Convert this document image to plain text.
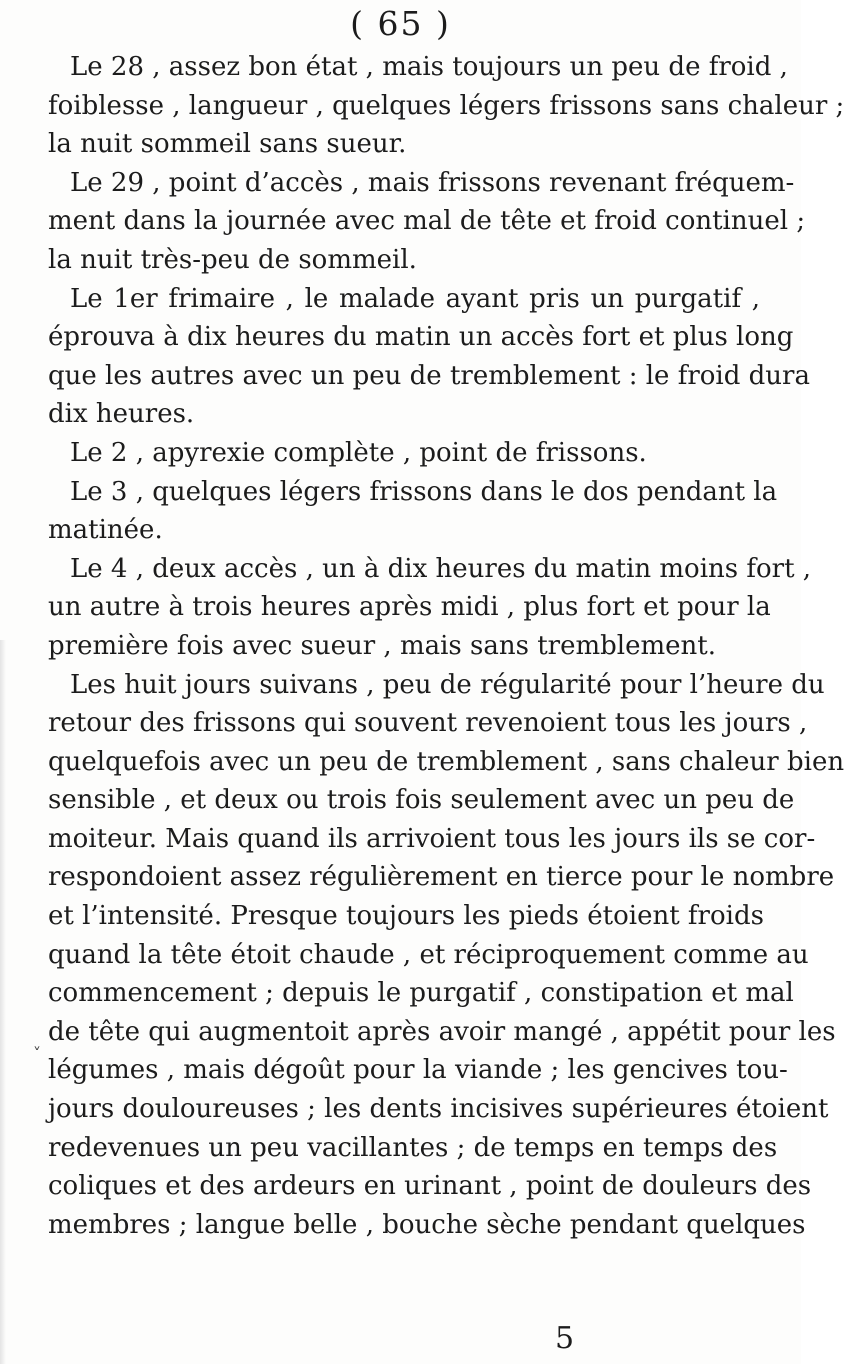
( 65 )
Le 28 , assez bon état , mais toujours un peu de froid ,
foiblesse , langueur , quelques légers frissons sans chaleur ;
la nuit sommeil sans sueur.
Le 29 , point d’accès , mais frissons revenant fréquem-
ment dans la journée avec mal de tête et froid continuel ;
la nuit très-peu de sommeil.
Le 1er frimaire , le malade ayant pris un purgatif ,
éprouva à dix heures du matin un accès fort et plus long
que les autres avec un peu de tremblement : le froid dura
dix heures.
Le 2 , apyrexie complète , point de frissons.
Le 3 , quelques légers frissons dans le dos pendant la
matinée.
Le 4 , deux accès , un à dix heures du matin moins fort ,
un autre à trois heures après midi , plus fort et pour la
première fois avec sueur , mais sans tremblement.
Les huit jours suivans , peu de régularité pour l’heure du
retour des frissons qui souvent revenoient tous les jours ,
quelquefois avec un peu de tremblement , sans chaleur bien
sensible , et deux ou trois fois seulement avec un peu de
moiteur. Mais quand ils arrivoient tous les jours ils se cor-
respondoient assez régulièrement en tierce pour le nombre
et l’intensité. Presque toujours les pieds étoient froids
quand la tête étoit chaude , et réciproquement comme au
commencement ; depuis le purgatif , constipation et mal
de tête qui augmentoit après avoir mangé , appétit pour les
légumes , mais dégoût pour la viande ; les gencives tou-
jours douloureuses ; les dents incisives supérieures étoient
redevenues un peu vacillantes ; de temps en temps des
coliques et des ardeurs en urinant , point de douleurs des
membres ; langue belle , bouche sèche pendant quelques
˅
5
